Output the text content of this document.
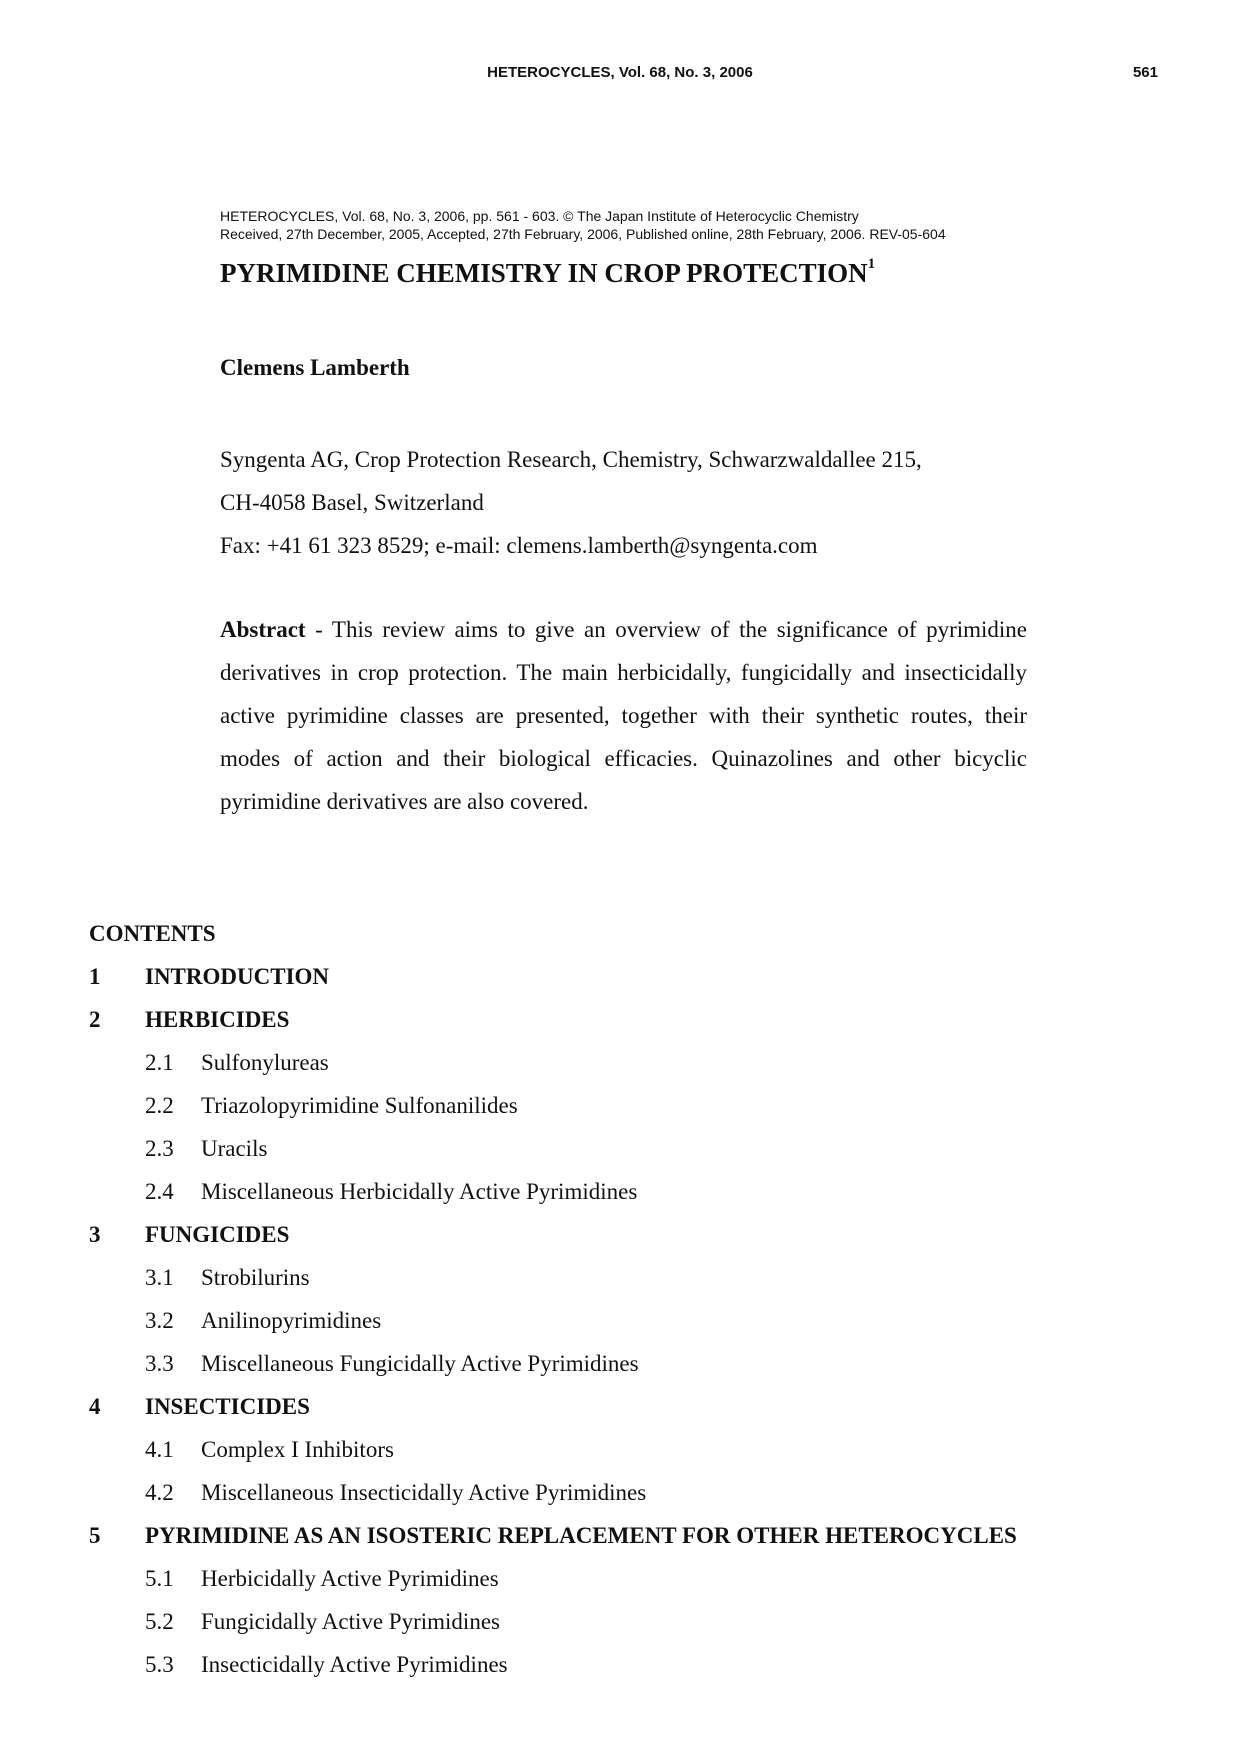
HETEROCYCLES, Vol. 68, No. 3, 2006	561
HETEROCYCLES, Vol. 68, No. 3, 2006, pp. 561 - 603. © The Japan Institute of Heterocyclic Chemistry
Received, 27th December, 2005, Accepted, 27th February, 2006, Published online, 28th February, 2006. REV-05-604
PYRIMIDINE CHEMISTRY IN CROP PROTECTION$^1$
Clemens Lamberth
Syngenta AG, Crop Protection Research, Chemistry, Schwarzwaldallee 215,
CH-4058 Basel, Switzerland
Fax: +41 61 323 8529; e-mail: clemens.lamberth@syngenta.com
Abstract - This review aims to give an overview of the significance of pyrimidine derivatives in crop protection. The main herbicidally, fungicidally and insecticidally active pyrimidine classes are presented, together with their synthetic routes, their modes of action and their biological efficacies. Quinazolines and other bicyclic pyrimidine derivatives are also covered.
CONTENTS
1 INTRODUCTION
2 HERBICIDES
2.1 Sulfonylureas
2.2 Triazolopyrimidine Sulfonanilides
2.3 Uracils
2.4 Miscellaneous Herbicidally Active Pyrimidines
3 FUNGICIDES
3.1 Strobilurins
3.2 Anilinopyrimidines
3.3 Miscellaneous Fungicidally Active Pyrimidines
4 INSECTICIDES
4.1 Complex I Inhibitors
4.2 Miscellaneous Insecticidally Active Pyrimidines
5 PYRIMIDINE AS AN ISOSTERIC REPLACEMENT FOR OTHER HETEROCYCLES
5.1 Herbicidally Active Pyrimidines
5.2 Fungicidally Active Pyrimidines
5.3 Insecticidally Active Pyrimidines
